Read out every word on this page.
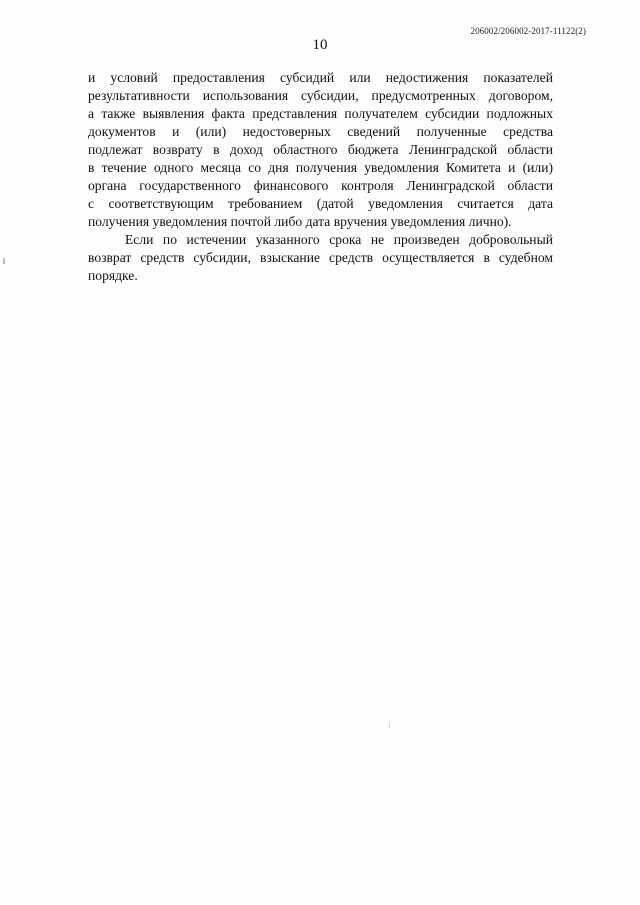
206002/206002-2017-11122(2)
10
и условий предоставления субсидий или недостижения показателей
результативности использования субсидии, предусмотренных договором,
а также выявления факта представления получателем субсидии подложных
документов и (или) недостоверных сведений полученные средства
подлежат возврату в доход областного бюджета Ленинградской области
в течение одного месяца со дня получения уведомления Комитета и (или)
органа государственного финансового контроля Ленинградской области
с соответствующим требованием (датой уведомления считается дата
получения уведомления почтой либо дата вручения уведомления лично).
Если по истечении указанного срока не произведен добровольный
возврат средств субсидии, взыскание средств осуществляется в судебном
порядке.
